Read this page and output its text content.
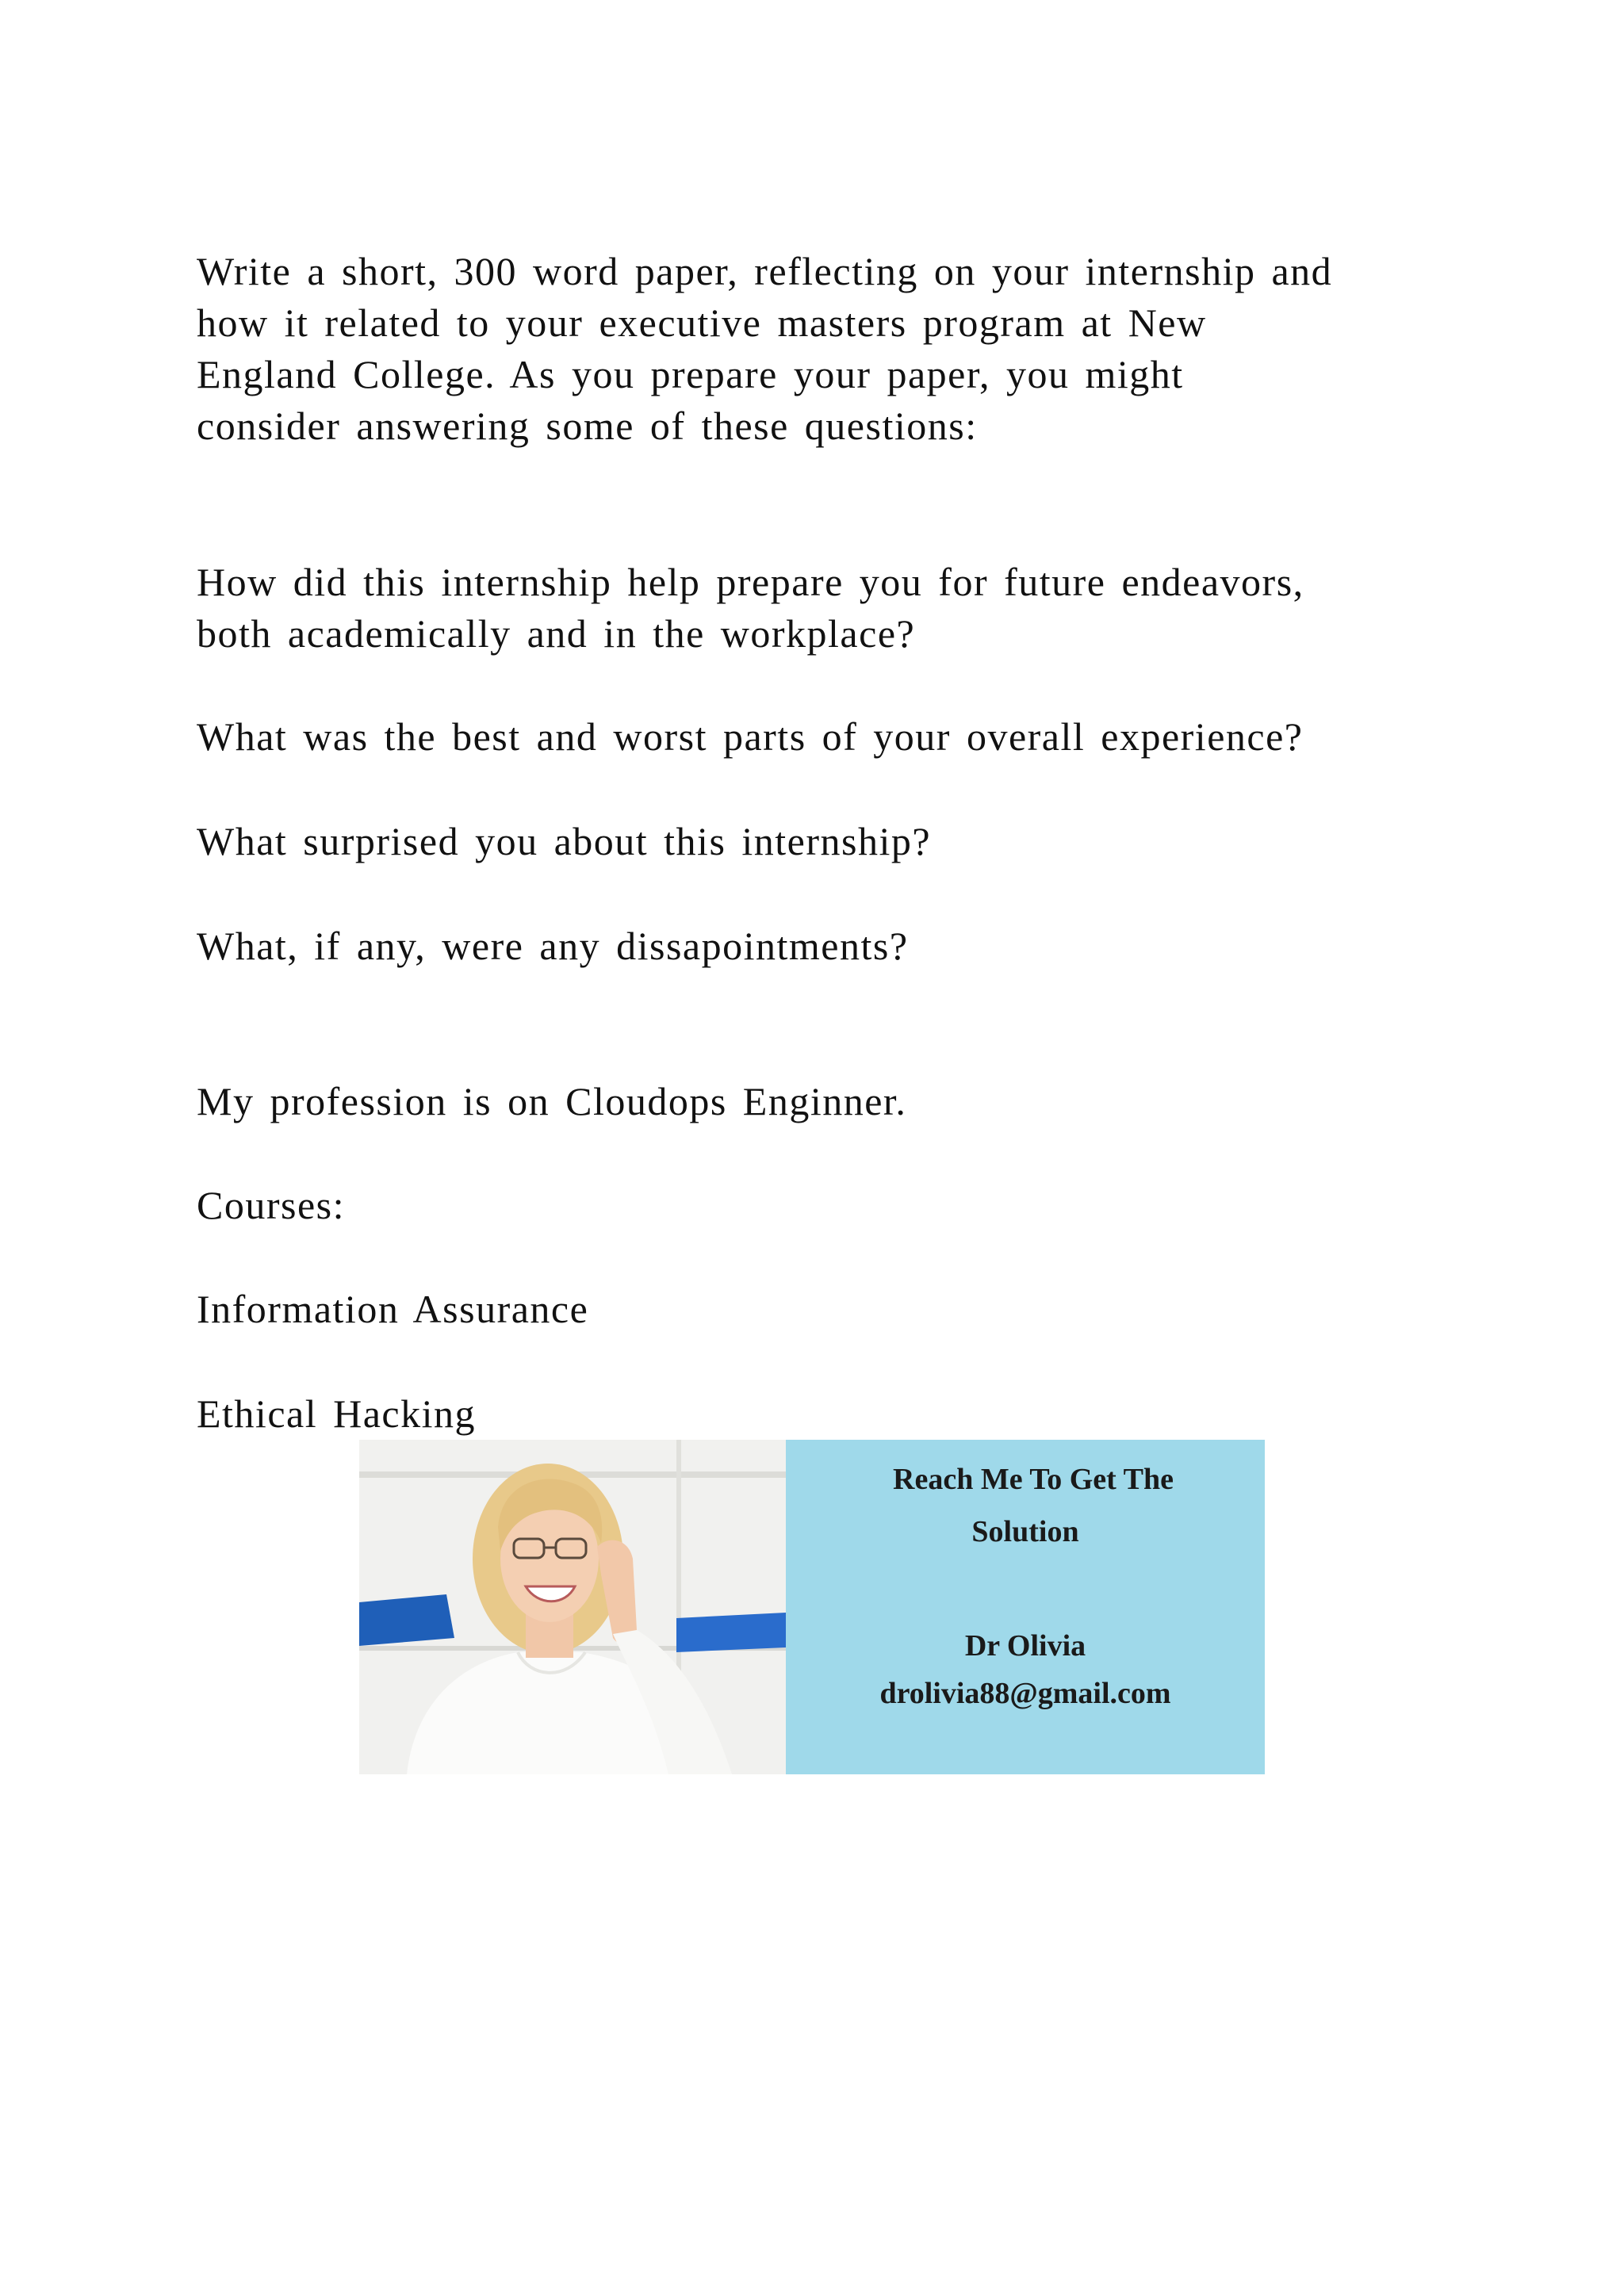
Write a short, 300 word paper, reflecting on your internship and
how it related to your executive masters program at New
England College. As you prepare your paper, you might
consider answering some of these questions:

How did this internship help prepare you for future endeavors,
both academically and in the workplace?

What was the best and worst parts of your overall experience?

What surprised you about this internship?

What, if any, were any dissapointments?

My profession is on Cloudops Enginner.

Courses:

Information Assurance

Ethical Hacking

Reach Me To Get The
Solution
Dr Olivia
drolivia88@gmail.com
